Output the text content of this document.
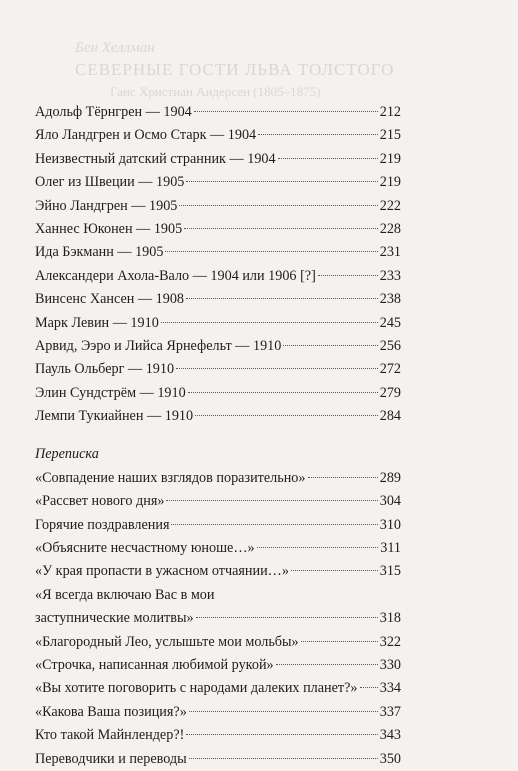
Бен Хеллман
СЕВЕРНЫЕ ГОСТИ ЛЬВА ТОЛСТОГО
Ганс Христиан Андерсен (1805–1875)
Адольф Тёрнгрен — 1904	212
Яло Ландгрен и Осмо Старк — 1904	215
Неизвестный датский странник — 1904	219
Олег из Швеции — 1905	219
Эйно Ландгрен — 1905	222
Ханнес Юконен — 1905	228
Ида Бэкманн — 1905	231
Александери Ахола-Вало — 1904 или 1906 [?]	233
Винсенс Хансен — 1908	238
Марк Левин — 1910	245
Арвид, Ээро и Лийса Ярнефельт — 1910	256
Пауль Ольберг — 1910	272
Элин Сундстрём — 1910	279
Лемпи Тукиайнен — 1910	284
Переписка
«Совпадение наших взглядов поразительно»	289
«Рассвет нового дня»	304
Горячие поздравления	310
«Объясните несчастному юноше…»	311
«У края пропасти в ужасном отчаянии…»	315
«Я всегда включаю Вас в мои
заступнические молитвы»	318
«Благородный Лео, услышьте мои мольбы»	322
«Строчка, написанная любимой рукой»	330
«Вы хотите поговорить с народами далеких планет?» 334
«Какова Ваша позиция?»	337
Кто такой Майнлендер?!	343
Переводчики и переводы	350
